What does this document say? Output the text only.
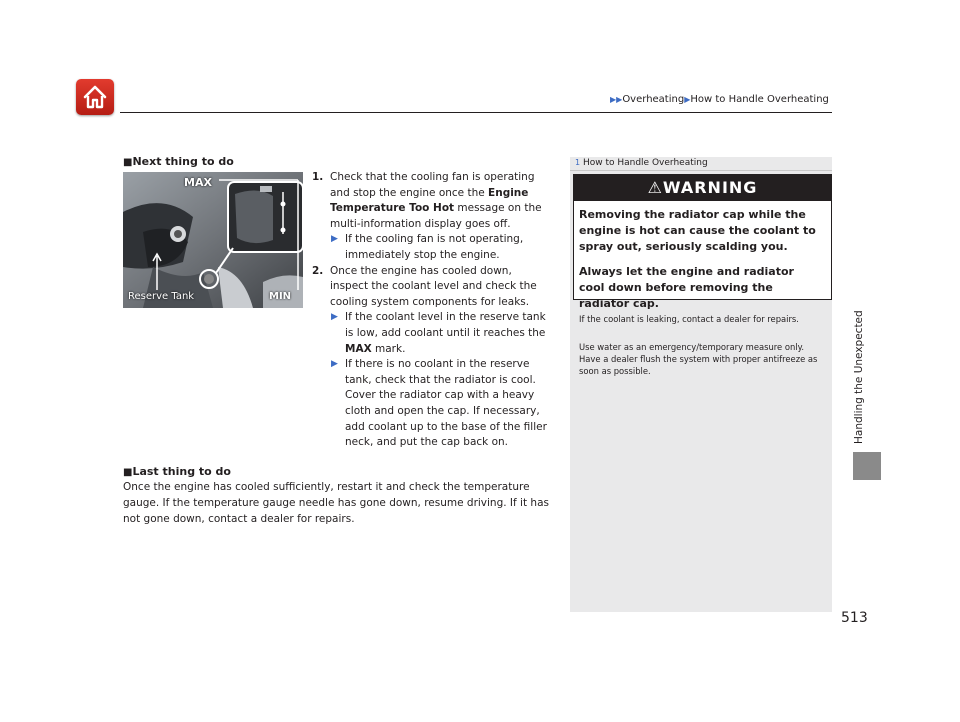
▶▶Overheating▶How to Handle Overheating
Handling the Unexpected
■Next thing to do
MAX
Reserve Tank	MIN
1. Check that the cooling fan is operating and stop the engine once the Engine Temperature Too Hot message on the multi-information display goes off.
▶ If the cooling fan is not operating, immediately stop the engine.
2. Once the engine has cooled down, inspect the coolant level and check the cooling system components for leaks.
▶ If the coolant level in the reserve tank is low, add coolant until it reaches the MAX mark.
▶ If there is no coolant in the reserve tank, check that the radiator is cool. Cover the radiator cap with a heavy cloth and open the cap. If necessary, add coolant up to the base of the filler neck, and put the cap back on.
■Last thing to do
Once the engine has cooled sufficiently, restart it and check the temperature gauge. If the temperature gauge needle has gone down, resume driving. If it has not gone down, contact a dealer for repairs.
1 How to Handle Overheating
⚠WARNING

Removing the radiator cap while the engine is hot can cause the coolant to spray out, seriously scalding you.

Always let the engine and radiator cool down before removing the radiator cap.

If the coolant is leaking, contact a dealer for repairs.
Use water as an emergency/temporary measure only. Have a dealer flush the system with proper antifreeze as soon as possible.
513
